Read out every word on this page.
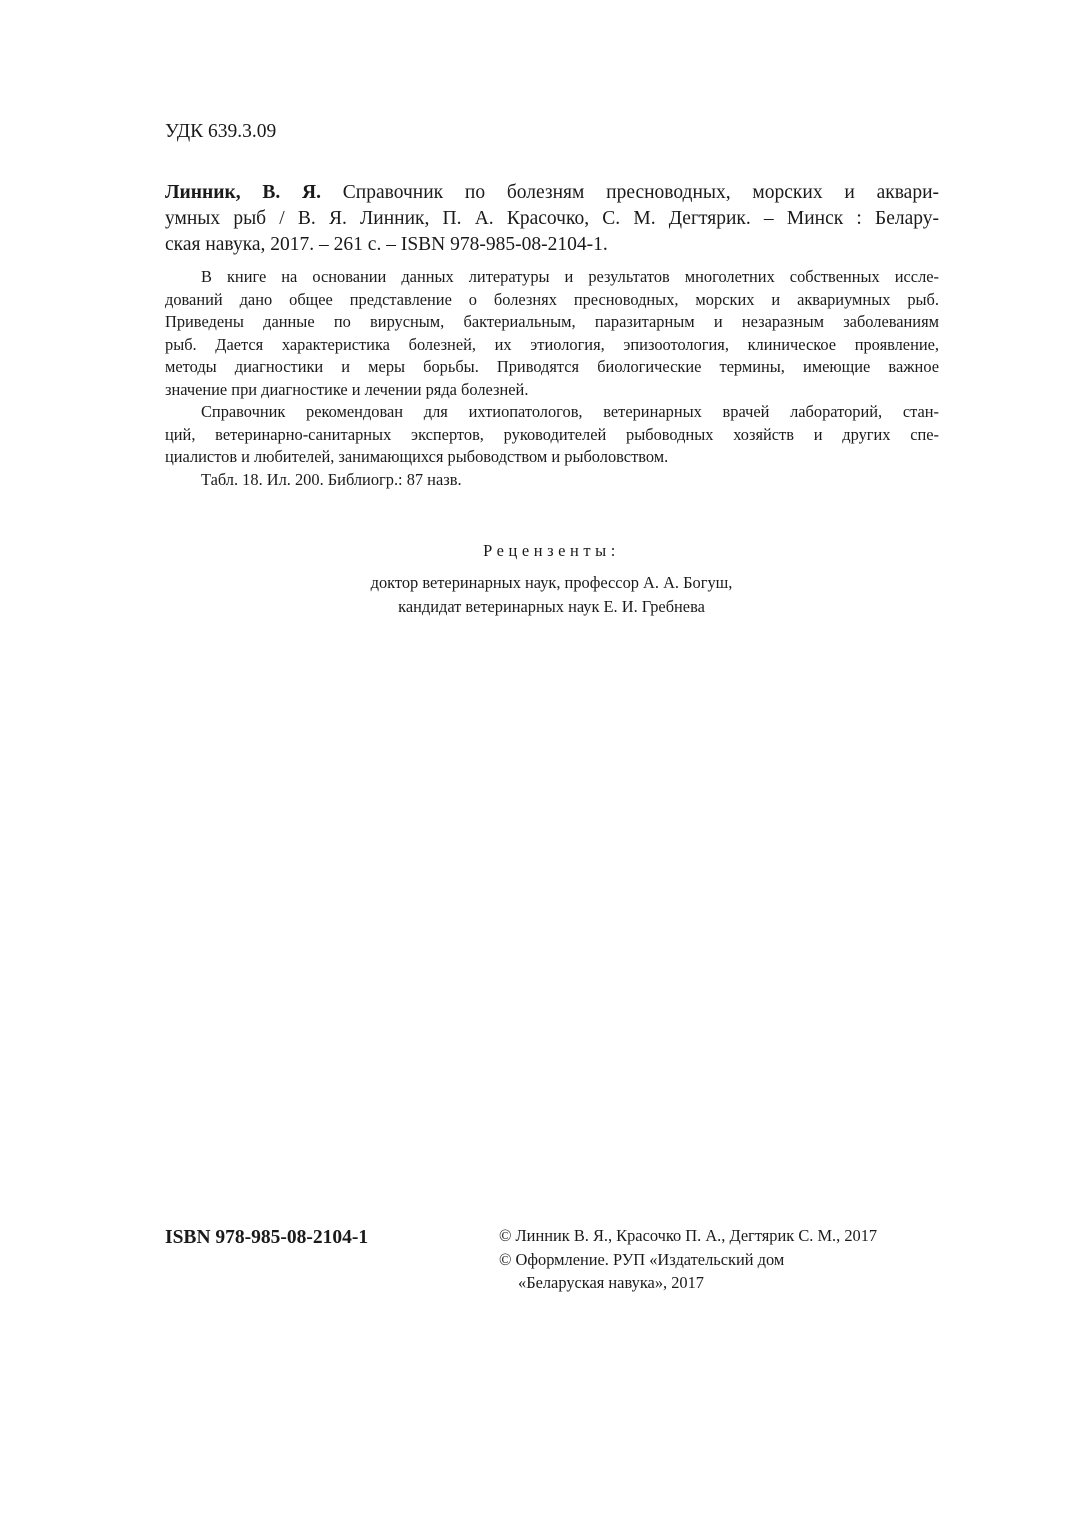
УДК 639.3.09
Линник, В. Я. Справочник по болезням пресноводных, морских и аквари-
умных рыб / В. Я. Линник, П. А. Красочко, С. М. Дегтярик. – Минск : Белару-
ская навука, 2017. – 261 с. – ISBN 978-985-08-2104-1.
В книге на основании данных литературы и результатов многолетних собственных иссле-
дований дано общее представление о болезнях пресноводных, морских и аквариумных рыб.
Приведены данные по вирусным, бактериальным, паразитарным и незаразным заболеваниям
рыб. Дается характеристика болезней, их этиология, эпизоотология, клиническое проявление,
методы диагностики и меры борьбы. Приводятся биологические термины, имеющие важное
значение при диагностике и лечении ряда болезней.
Справочник рекомендован для ихтиопатологов, ветеринарных врачей лабораторий, стан-
ций, ветеринарно-санитарных экспертов, руководителей рыбоводных хозяйств и других спе-
циалистов и любителей, занимающихся рыбоводством и рыболовством.
Табл. 18. Ил. 200. Библиогр.: 87 назв.
Рецензенты:
доктор ветеринарных наук, профессор А. А. Богуш,
кандидат ветеринарных наук Е. И. Гребнева
ISBN 978-985-08-2104-1	© Линник В. Я., Красочко П. А., Дегтярик С. М., 2017
© Оформление. РУП «Издательский дом
«Беларуская навука», 2017
